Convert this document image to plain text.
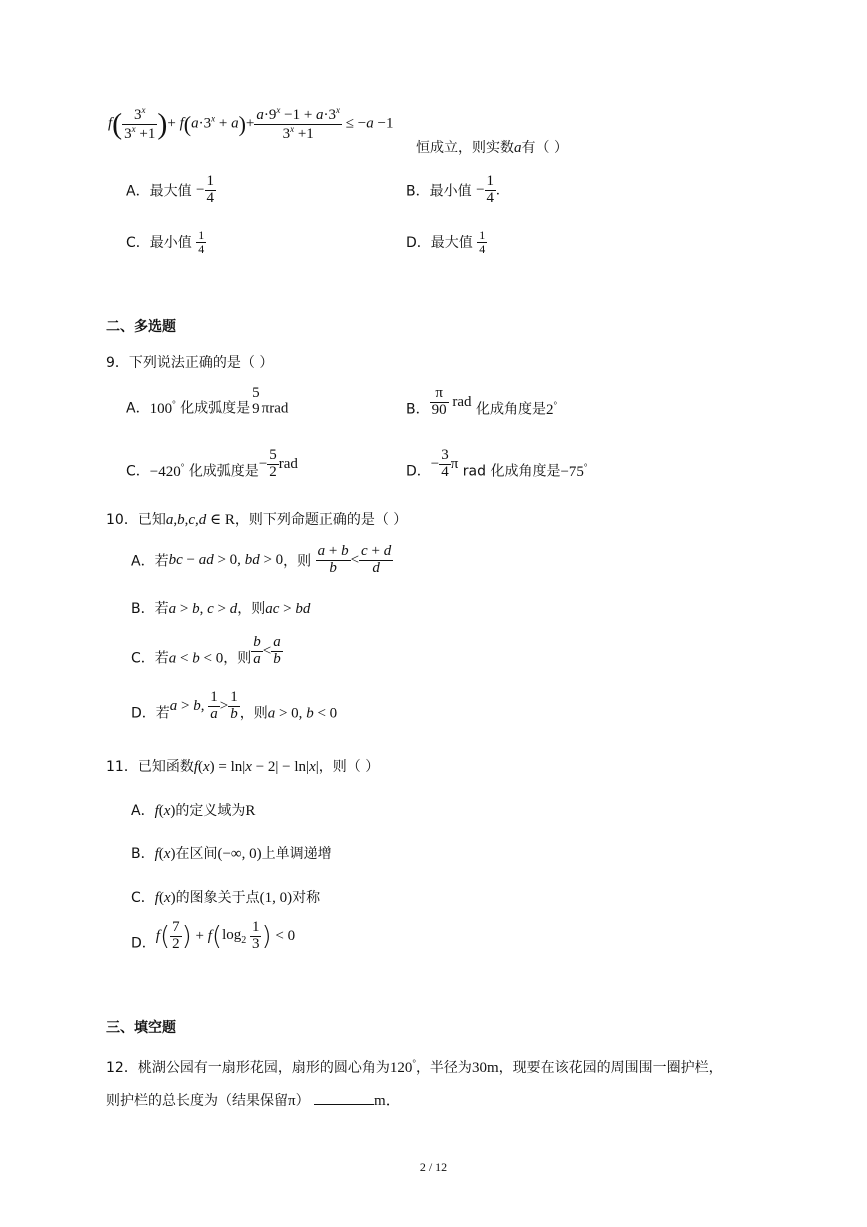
$f( \frac{3^x}{3^x +1}$ )+ $f(a\cdot 3^x + a)+ \frac{a\cdot 9^x -1 + a\cdot 3^x}{3^x +1} \le -a -1$
恒成立，则实数a有（ ）
A．最大值 − $\frac{1}{4}$	B．最小值 − $\frac{1}{4}$ .
C．最小值 $\frac{1}{4}$	D．最大值 $\frac{1}{4}$
二、多选题
9．下列说法正确的是（ ）
A．100° 化成弧度是
5
9 πrad	B． $\frac{\pi}{90}$ rad 化成角度是2°
C．−420° 化成弧度是− $\frac{5}{2}$ rad	D．− $\frac{3}{4}$ π rad 化成角度是−75°
10．已知a,b,c,d ∈ R，则下列命题正确的是（ ）
A．若bc − ad > 0, bd > 0，则 $\frac{a + b}{b} < \frac{c + d}{d}$
B．若a > b, c > d，则ac > bd
C．若a < b < 0，则 $\frac{b}{a} < \frac{a}{b}$
D．若a > b, $\frac{1}{a} > \frac{1}{b}$ ，则a > 0, b < 0
11．已知函数f(x) = ln|x − 2| − ln|x|，则（ ）
A．f(x)的定义域为R
B．f(x)在区间(−∞, 0)上单调递增
C．f(x)的图象关于点(1, 0)对称
D．$f( \frac{7}{2}$ ) + $f(\log_2 \frac{1}{3}$ ) < 0
三、填空题
12．桃湖公园有一扇形花园，扇形的圆心角为120°，半径为30m，现要在该花园的周围围一圈护栏，
则护栏的总长度为（结果保留π）	m．
2 / 12
